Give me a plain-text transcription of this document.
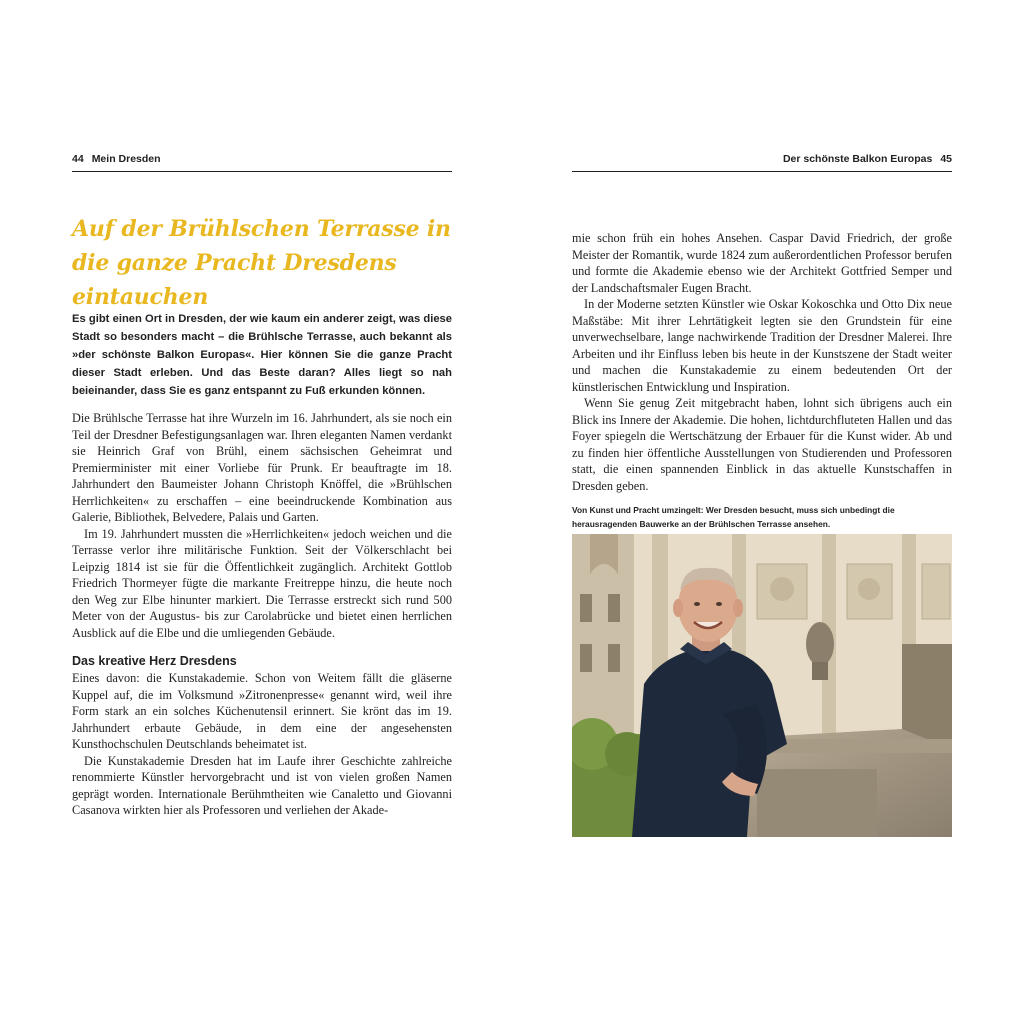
44 Mein Dresden
Auf der Brühlschen Terrasse in die ganze Pracht Dresdens eintauchen
Es gibt einen Ort in Dresden, der wie kaum ein anderer zeigt, was diese Stadt so besonders macht – die Brühlsche Terrasse, auch bekannt als »der schönste Balkon Europas«. Hier können Sie die ganze Pracht dieser Stadt erleben. Und das Beste daran? Alles liegt so nah beieinander, dass Sie es ganz entspannt zu Fuß erkunden können.

Die Brühlsche Terrasse hat ihre Wurzeln im 16. Jahrhundert, als sie noch ein Teil der Dresdner Befestigungsanlagen war. Ihren eleganten Namen verdankt sie Heinrich Graf von Brühl, einem sächsischen Geheimrat und Premierminister mit einer Vorliebe für Prunk. Er beauftragte im 18. Jahrhundert den Baumeister Johann Christoph Knöffel, die »Brühlschen Herrlichkeiten« zu erschaffen – eine beeindruckende Kombination aus Galerie, Bibliothek, Belvedere, Palais und Garten.

Im 19. Jahrhundert mussten die »Herrlichkeiten« jedoch weichen und die Terrasse verlor ihre militärische Funktion. Seit der Völkerschlacht bei Leipzig 1814 ist sie für die Öffentlichkeit zugänglich. Architekt Gottlob Friedrich Thormeyer fügte die markante Freitreppe hinzu, die heute noch den Weg zur Elbe hinunter markiert. Die Terrasse erstreckt sich rund 500 Meter von der Augustus- bis zur Carolabrücke und bietet einen herrlichen Ausblick auf die Elbe und die umliegenden Gebäude.

Das kreative Herz Dresdens

Eines davon: die Kunstakademie. Schon von Weitem fällt die gläserne Kuppel auf, die im Volksmund »Zitronenpresse« genannt wird, weil ihre Form stark an ein solches Küchenutensil erinnert. Sie krönt das im 19. Jahrhundert erbaute Gebäude, in dem eine der angesehensten Kunsthochschulen Deutschlands beheimatet ist.

Die Kunstakademie Dresden hat im Laufe ihrer Geschichte zahlreiche renommierte Künstler hervorgebracht und ist von vielen großen Namen geprägt worden. Internationale Berühmtheiten wie Canaletto und Giovanni Casanova wirkten hier als Professoren und verliehen der Akade-

Der schönste Balkon Europas 45

mie schon früh ein hohes Ansehen. Caspar David Friedrich, der große Meister der Romantik, wurde 1824 zum außerordentlichen Professor berufen und formte die Akademie ebenso wie der Architekt Gottfried Semper und der Landschaftsmaler Eugen Bracht.

In der Moderne setzten Künstler wie Oskar Kokoschka und Otto Dix neue Maßstäbe: Mit ihrer Lehrtätigkeit legten sie den Grundstein für eine unverwechselbare, lange nachwirkende Tradition der Dresdner Malerei. Ihre Arbeiten und ihr Einfluss leben bis heute in der Kunstszene der Stadt weiter und machen die Kunstakademie zu einem bedeutenden Ort der künstlerischen Entwicklung und Inspiration.

Wenn Sie genug Zeit mitgebracht haben, lohnt sich übrigens auch ein Blick ins Innere der Akademie. Die hohen, lichtdurchfluteten Hallen und das Foyer spiegeln die Wertschätzung der Erbauer für die Kunst wider. Ab und zu finden hier öffentliche Ausstellungen von Studierenden und Professoren statt, die einen spannenden Einblick in das aktuelle Kunstschaffen in Dresden geben.

Von Kunst und Pracht umzingelt: Wer Dresden besucht, muss sich unbedingt die herausragenden Bauwerke an der Brühlschen Terrasse ansehen.
